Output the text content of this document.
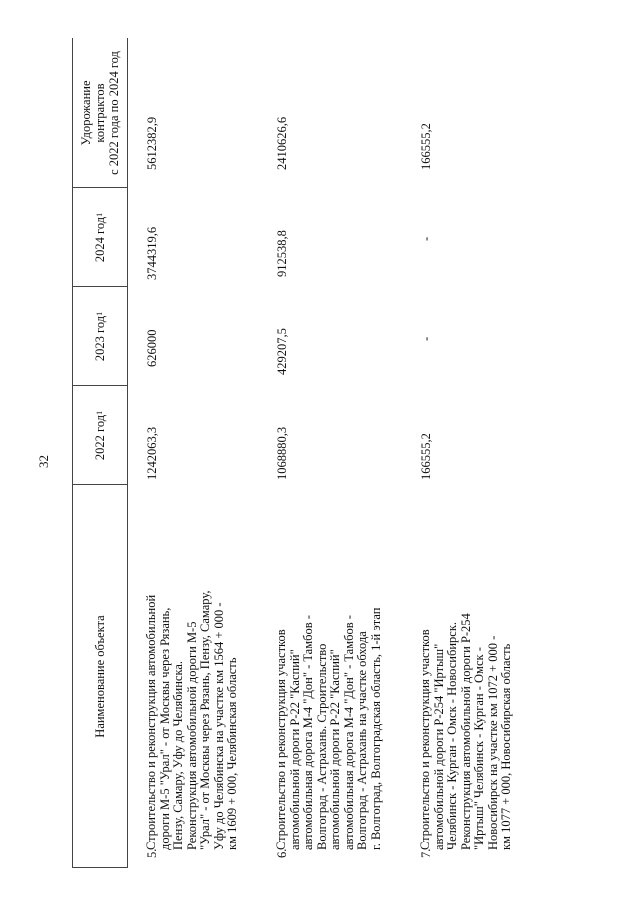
32
Наименование объекта
2022 год
1
2023 год
1
2024 год
1
Удорожание контрактов с 2022 года по 2024 год
5.
Строительство и реконструкция автомобильной дороги М-5 "Урал" - от Москвы через Рязань, Пензу, Самару, Уфу до Челябинска. Реконструкция автомобильной дороги М-5 "Урал" - от Москвы через Рязань, Пензу, Самару, Уфу до Челябинска на участке км 1564 + 000 - км 1609 + 000, Челябинская область
1242063,3
626000
3744319,6
5612382,9
6.
Строительство и реконструкция участков автомобильной дороги Р-22 "Каспий" автомобильная дорога М-4 "Дон" - Тамбов - Волгоград - Астрахань. Строительство автомобильной дороги Р-22 "Каспий" автомобильная дорога М-4 "Дон" - Тамбов - Волгоград - Астрахань на участке обхода г. Волгоград, Волгоградская область, 1-й этап
1068880,3
429207,5
912538,8
2410626,6
7.
Строительство и реконструкция участков автомобильной дороги Р-254 "Иртыш" Челябинск - Курган - Омск - Новосибирск. Реконструкция автомобильной дороги Р-254 "Иртыш" Челябинск - Курган - Омск - Новосибирск на участке км 1072 + 000 - км 1077 + 000, Новосибирская область
166555,2
-
-
166555,2
